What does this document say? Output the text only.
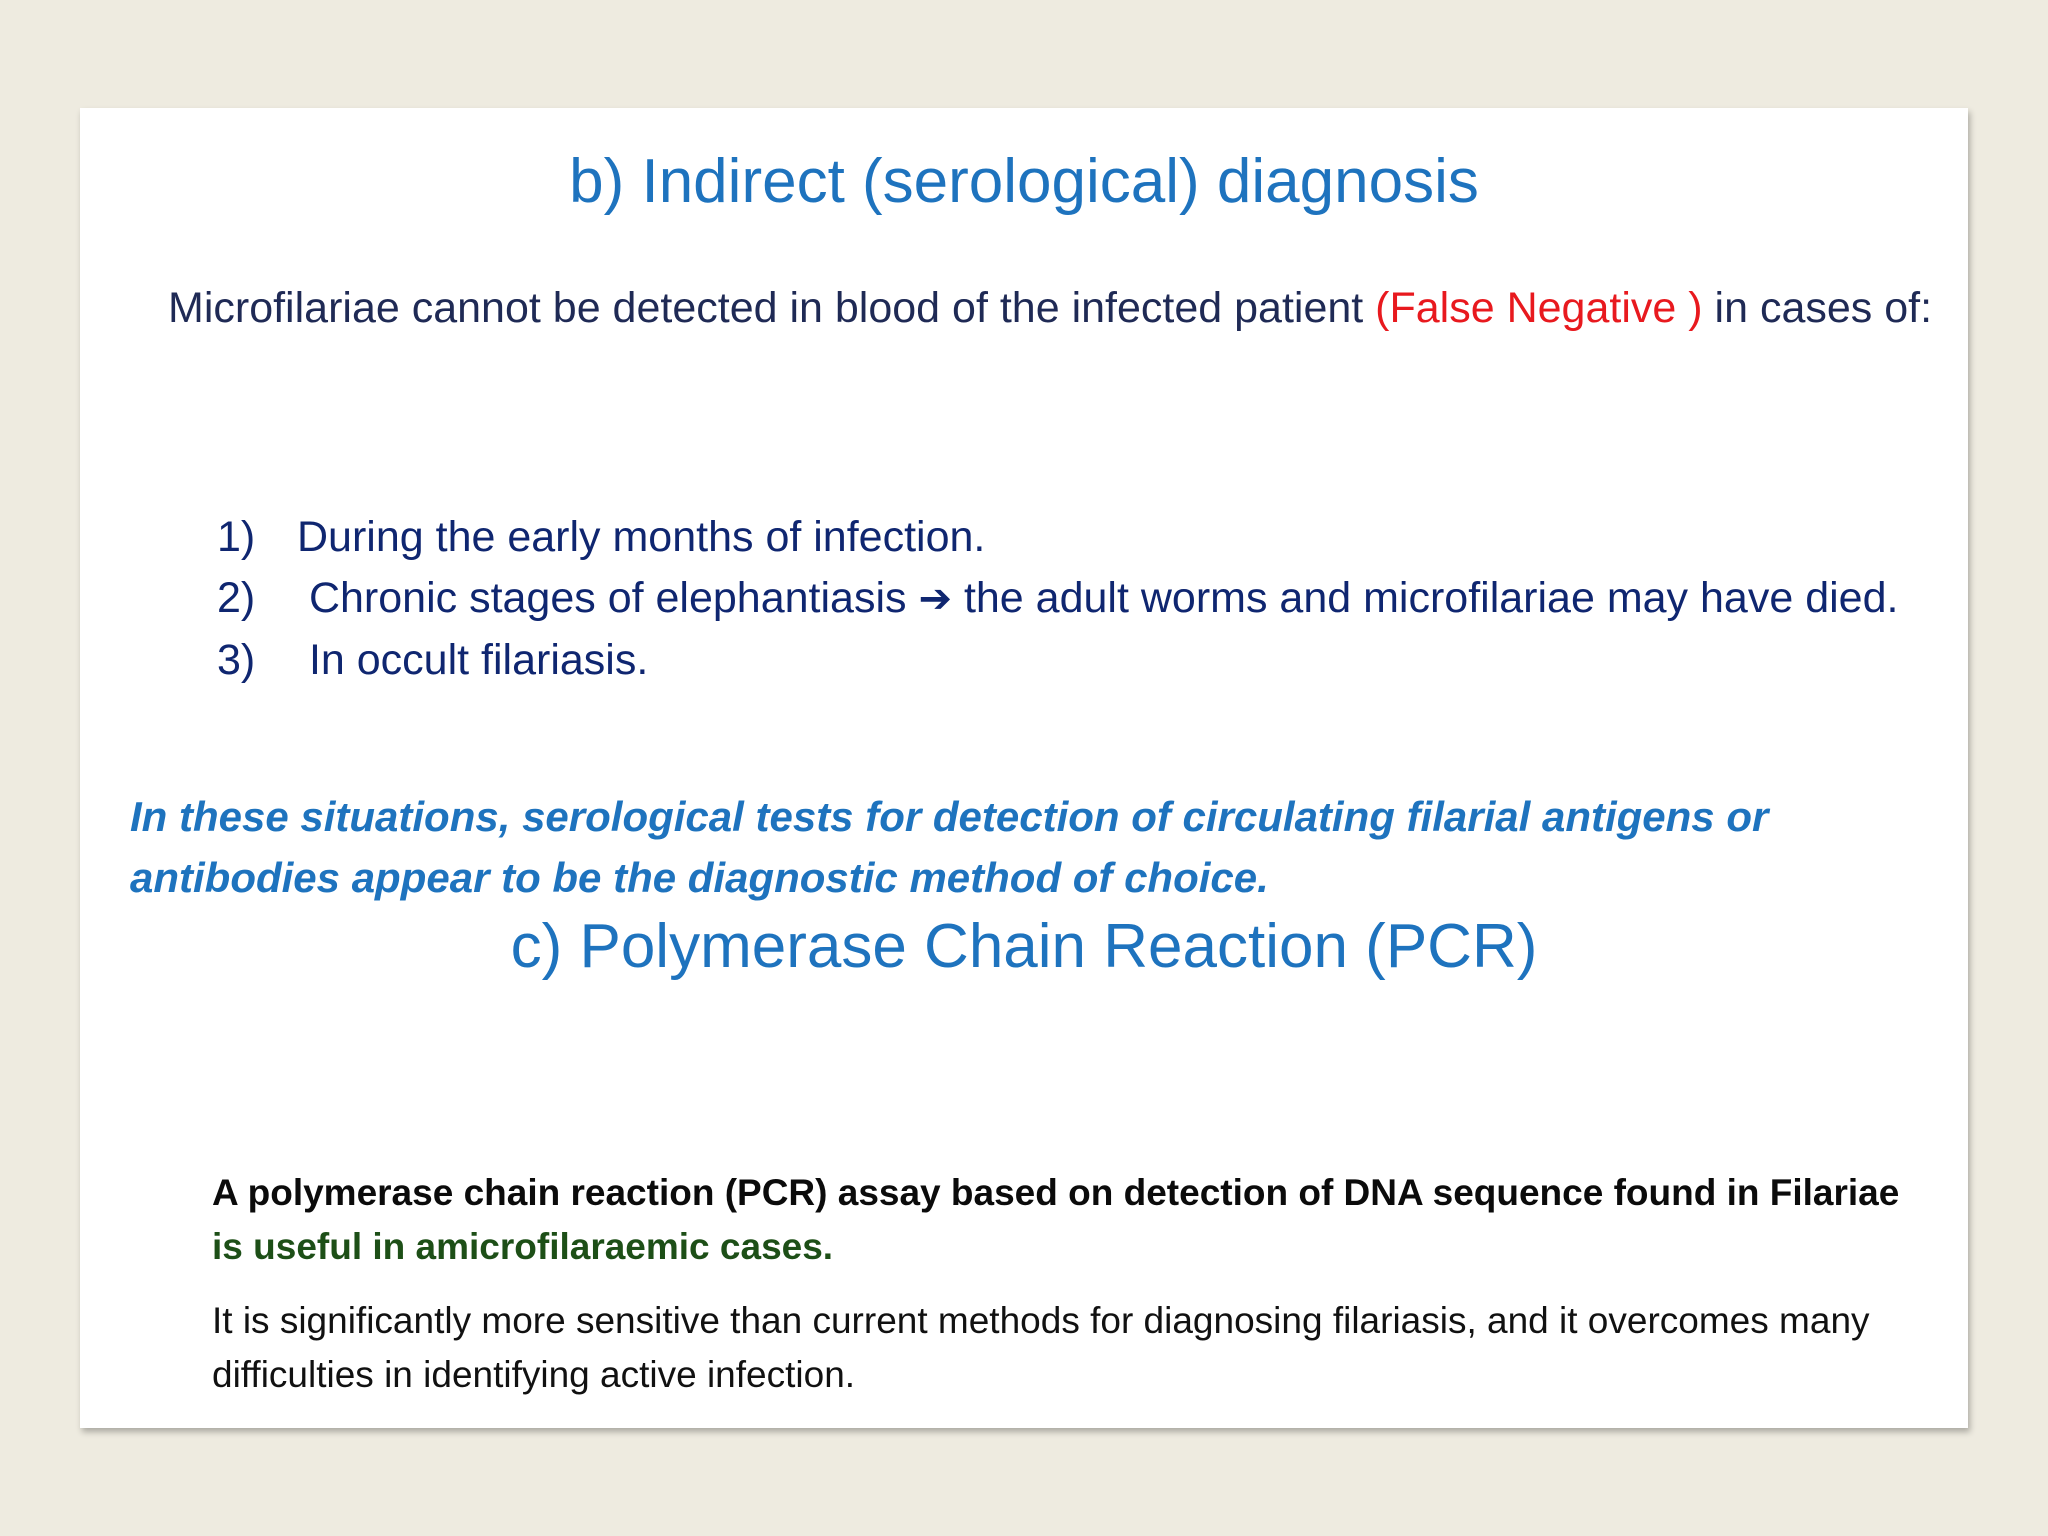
b) Indirect (serological) diagnosis

Microfilariae cannot be detected in blood of the infected patient (False Negative ) in cases of:

1) During the early months of infection.
2) Chronic stages of elephantiasis ➔ the adult worms and microfilariae may have died.
3) In occult filariasis.

In these situations, serological tests for detection of circulating filarial antigens or antibodies appear to be the diagnostic method of choice.

c) Polymerase Chain Reaction (PCR)

A polymerase chain reaction (PCR) assay based on detection of DNA sequence found in Filariae is useful in amicrofilaraemic cases.

It is significantly more sensitive than current methods for diagnosing filariasis, and it overcomes many difficulties in identifying active infection.
